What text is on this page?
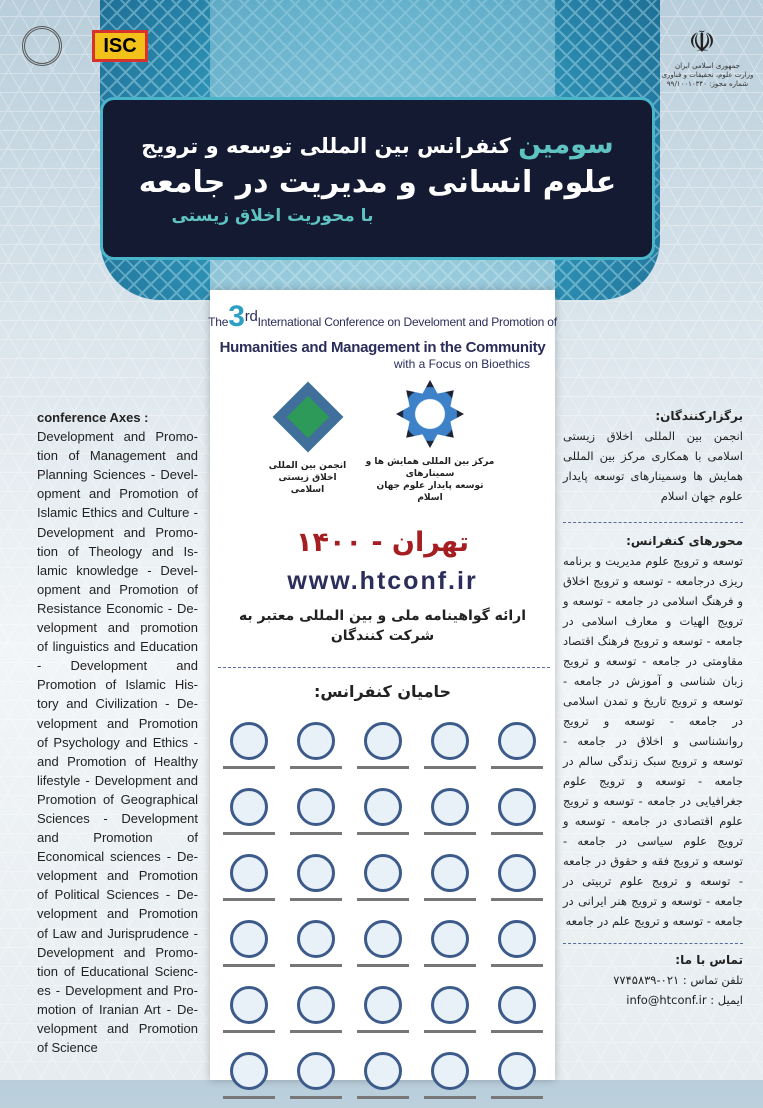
ISC	☫
جمهوری اسلامی ایران
وزارت علوم، تحقیقات و فناوری
شماره مجوز: ۹۹/۱۰۰۱۰۳۴۰
سومین کنفرانس بین المللی توسعه و ترویج
علوم انسانی و مدیریت در جامعه
با محوریت اخلاق زیستی
The3rdInternational Conference on Develoment and Promotion of
Humanities and Management in the Community
with a Focus on Bioethics
انجمن بین المللی
اخلاق زیستی اسلامی
مرکز بین المللی همایش ها و سمینارهای
توسعه پایدار علوم جهان اسلام
تهران - ۱۴۰۰
www.htconf.ir
ارائه گواهینامه ملی و بین المللی معتبر به شرکت کنندگان
حامیان کنفرانس:
conference Axes :

Development and Promotion of Management and Planning Sciences - Development and Promotion of Islamic Ethics and Culture - Development and Promotion of Theology and Islamic knowledge - Development and Promotion of Resistance Economic - Development and promotion of linguistics and Education - Development and Promotion of Islamic History and Civilization - Development and Promotion of Psychology and Ethics - and Promotion of Healthy lifestyle - Development and Promotion of Geographical Sciences - Development and Promotion of Economical sciences - Development and Promotion of Political Sciences - Development and Promotion of Law and Jurisprudence - Development and Promotion of Educational Sciences - Development and Promotion of Iranian Art - Development and Promotion of Science

برگزارکنندگان:

انجمن بین المللی اخلاق زیستی اسلامی با همکاری مرکز بین المللی همایش ها وسمینارهای توسعه پایدار علوم جهان اسلام

محورهای کنفرانس:

توسعه و ترویج علوم مدیریت و برنامه ریزی درجامعه - توسعه و ترویج اخلاق و فرهنگ اسلامی در جامعه - توسعه و ترویج الهیات و معارف اسلامی در جامعه - توسعه و ترویج فرهنگ اقتصاد مقاومتی در جامعه - توسعه و ترویج زبان شناسی و آموزش در جامعه - توسعه و ترویج تاریخ و تمدن اسلامی در جامعه - توسعه و ترویج روانشناسی و اخلاق در جامعه - توسعه و ترویج سبک زندگی سالم در جامعه - توسعه و ترویج علوم جغرافیایی در جامعه - توسعه و ترویج علوم اقتصادی در جامعه - توسعه و ترویج علوم سیاسی در جامعه - توسعه و ترویج فقه و حقوق در جامعه - توسعه و ترویج علوم تربیتی در جامعه - توسعه و ترویج هنر ایرانی در جامعه - توسعه و ترویج علم در جامعه

تماس با ما:

تلفن تماس : ۰۲۱-۷۷۴۵۸۳۹

ایمیل : info@htconf.ir
